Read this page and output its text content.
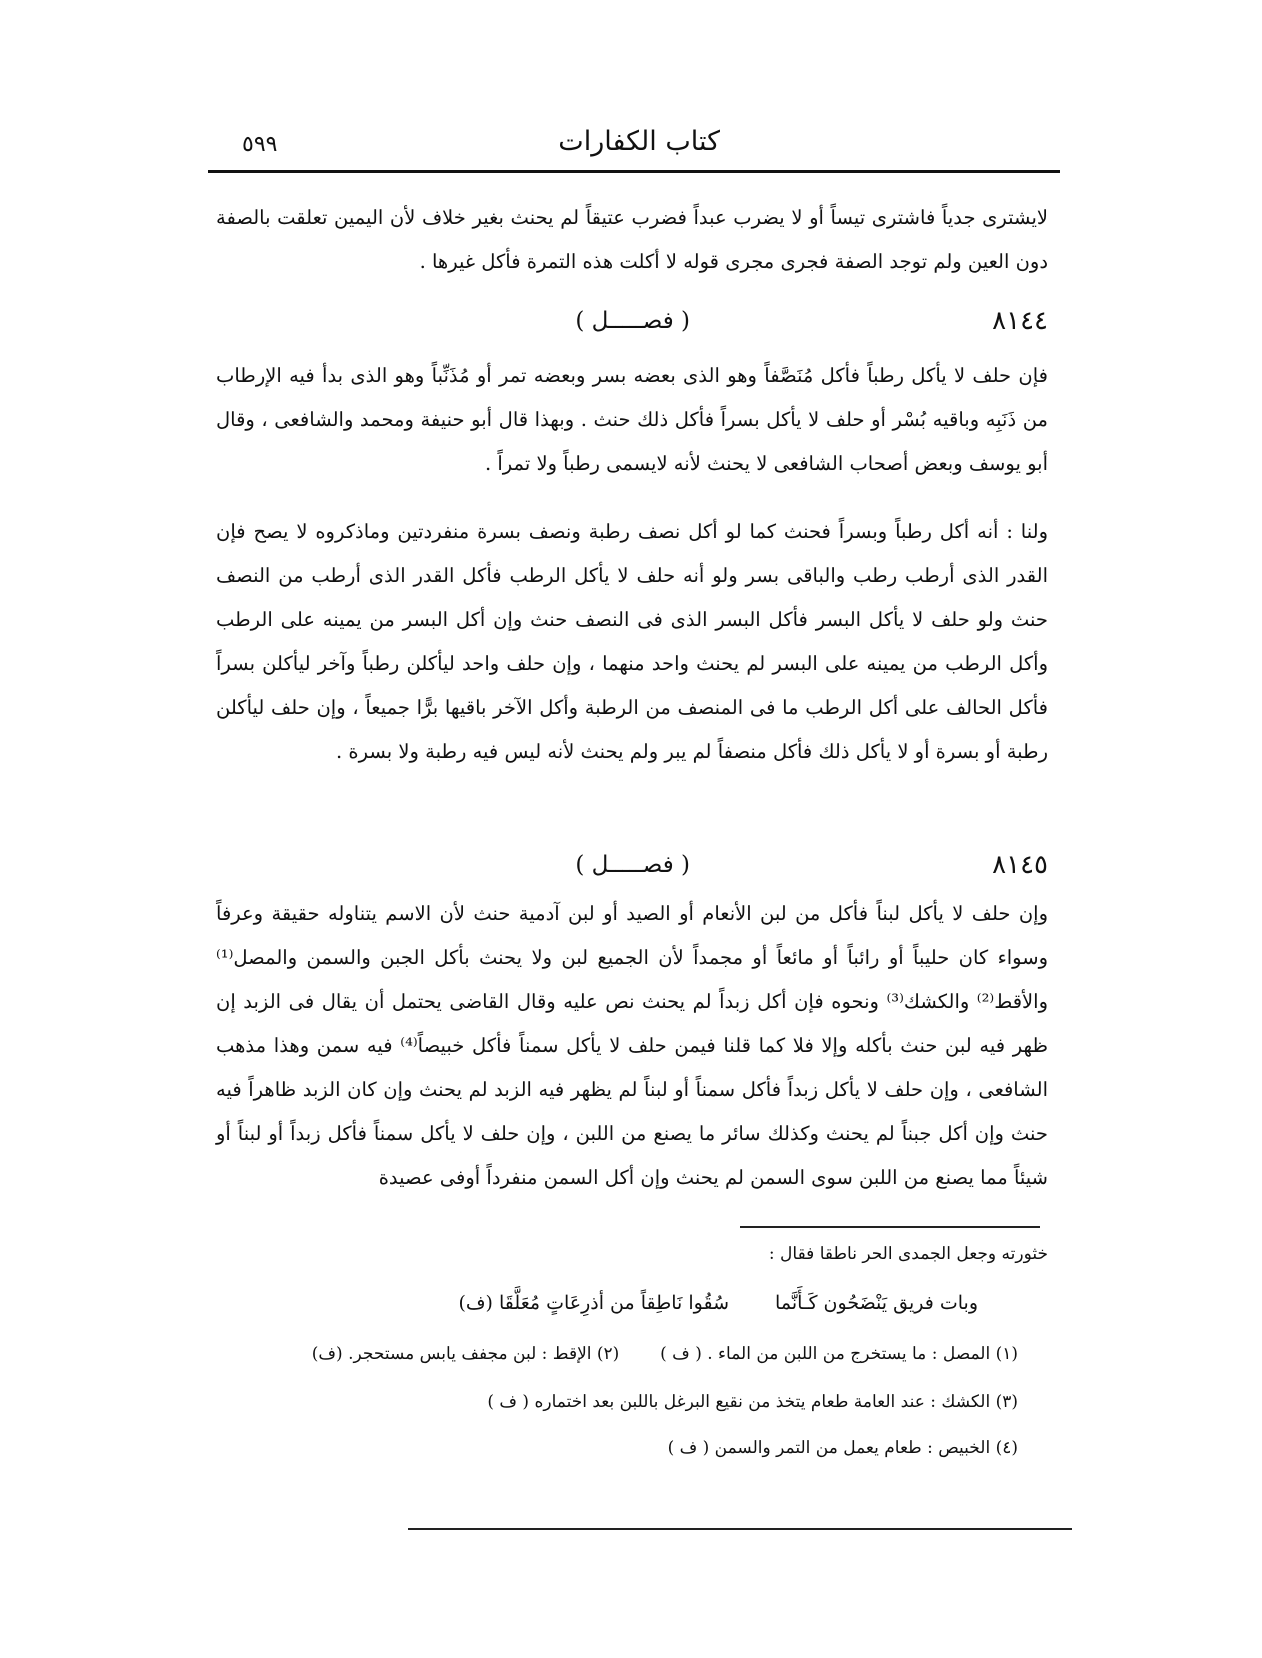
كتاب الكفارات
٥٩٩
لايشترى جدياً فاشترى تيساً أو لا يضرب عبداً فضرب عتيقاً لم يحنث بغير خلاف لأن اليمين تعلقت بالصفة دون العين ولم توجد الصفة فجرى مجرى قوله لا أكلت هذه التمرة فأكل غيرها .
٨١٤٤
( فصـــــل )
فإن حلف لا يأكل رطباً فأكل مُنَصَّفاً وهو الذى بعضه بسر وبعضه تمر أو مُذَنِّباً وهو الذى بدأ فيه الإرطاب من ذَنَبِه وباقيه بُسْر أو حلف لا يأكل بسراً فأكل ذلك حنث . وبهذا قال أبو حنيفة ومحمد والشافعى ، وقال أبو يوسف وبعض أصحاب الشافعى لا يحنث لأنه لايسمى رطباً ولا تمراً .
ولنا : أنه أكل رطباً وبسراً فحنث كما لو أكل نصف رطبة ونصف بسرة منفردتين وماذكروه لا يصح فإن القدر الذى أرطب رطب والباقى بسر ولو أنه حلف لا يأكل الرطب فأكل القدر الذى أرطب من النصف حنث ولو حلف لا يأكل البسر فأكل البسر الذى فى النصف حنث وإن أكل البسر من يمينه على الرطب وأكل الرطب من يمينه على البسر لم يحنث واحد منهما ، وإن حلف واحد ليأكلن رطباً وآخر ليأكلن بسراً فأكل الحالف على أكل الرطب ما فى المنصف من الرطبة وأكل الآخر باقيها برًّا جميعاً ، وإن حلف ليأكلن رطبة أو بسرة أو لا يأكل ذلك فأكل منصفاً لم يبر ولم يحنث لأنه ليس فيه رطبة ولا بسرة .
٨١٤٥
( فصـــــل )
وإن حلف لا يأكل لبناً فأكل من لبن الأنعام أو الصيد أو لبن آدمية حنث لأن الاسم يتناوله حقيقة وعرفاً وسواء كان حليباً أو رائباً أو مائعاً أو مجمداً لأن الجميع لبن ولا يحنث بأكل الجبن والسمن والمصل⁽¹⁾ والأقط⁽²⁾ والكشك⁽³⁾ ونحوه فإن أكل زبداً لم يحنث نص عليه وقال القاضى يحتمل أن يقال فى الزبد إن ظهر فيه لبن حنث بأكله وإلا فلا كما قلنا فيمن حلف لا يأكل سمناً فأكل خبيصاً⁽⁴⁾ فيه سمن وهذا مذهب الشافعى ، وإن حلف لا يأكل زبداً فأكل سمناً أو لبناً لم يظهر فيه الزبد لم يحنث وإن كان الزبد ظاهراً فيه حنث وإن أكل جبناً لم يحنث وكذلك سائر ما يصنع من اللبن ، وإن حلف لا يأكل سمناً فأكل زبداً أو لبناً أو شيئاً مما يصنع من اللبن سوى السمن لم يحنث وإن أكل السمن منفرداً أوفى عصيدة
خثورته وجعل الجمدى الحر ناطقا فقال :
وبات فريق يَنْضَحُون كَـأَنَّما سُقُوا نَاطِقاً من أذرِعَاتٍ مُعَلَّقَا (ف)
(١) المصل : ما يستخرج من اللبن من الماء . ( ف )  (٢) الإقط : لبن مجفف يابس مستحجر. (ف)
(٣) الكشك : عند العامة طعام يتخذ من نقيع البرغل باللبن بعد اختماره ( ف )
(٤) الخبيص : طعام يعمل من التمر والسمن ( ف )
